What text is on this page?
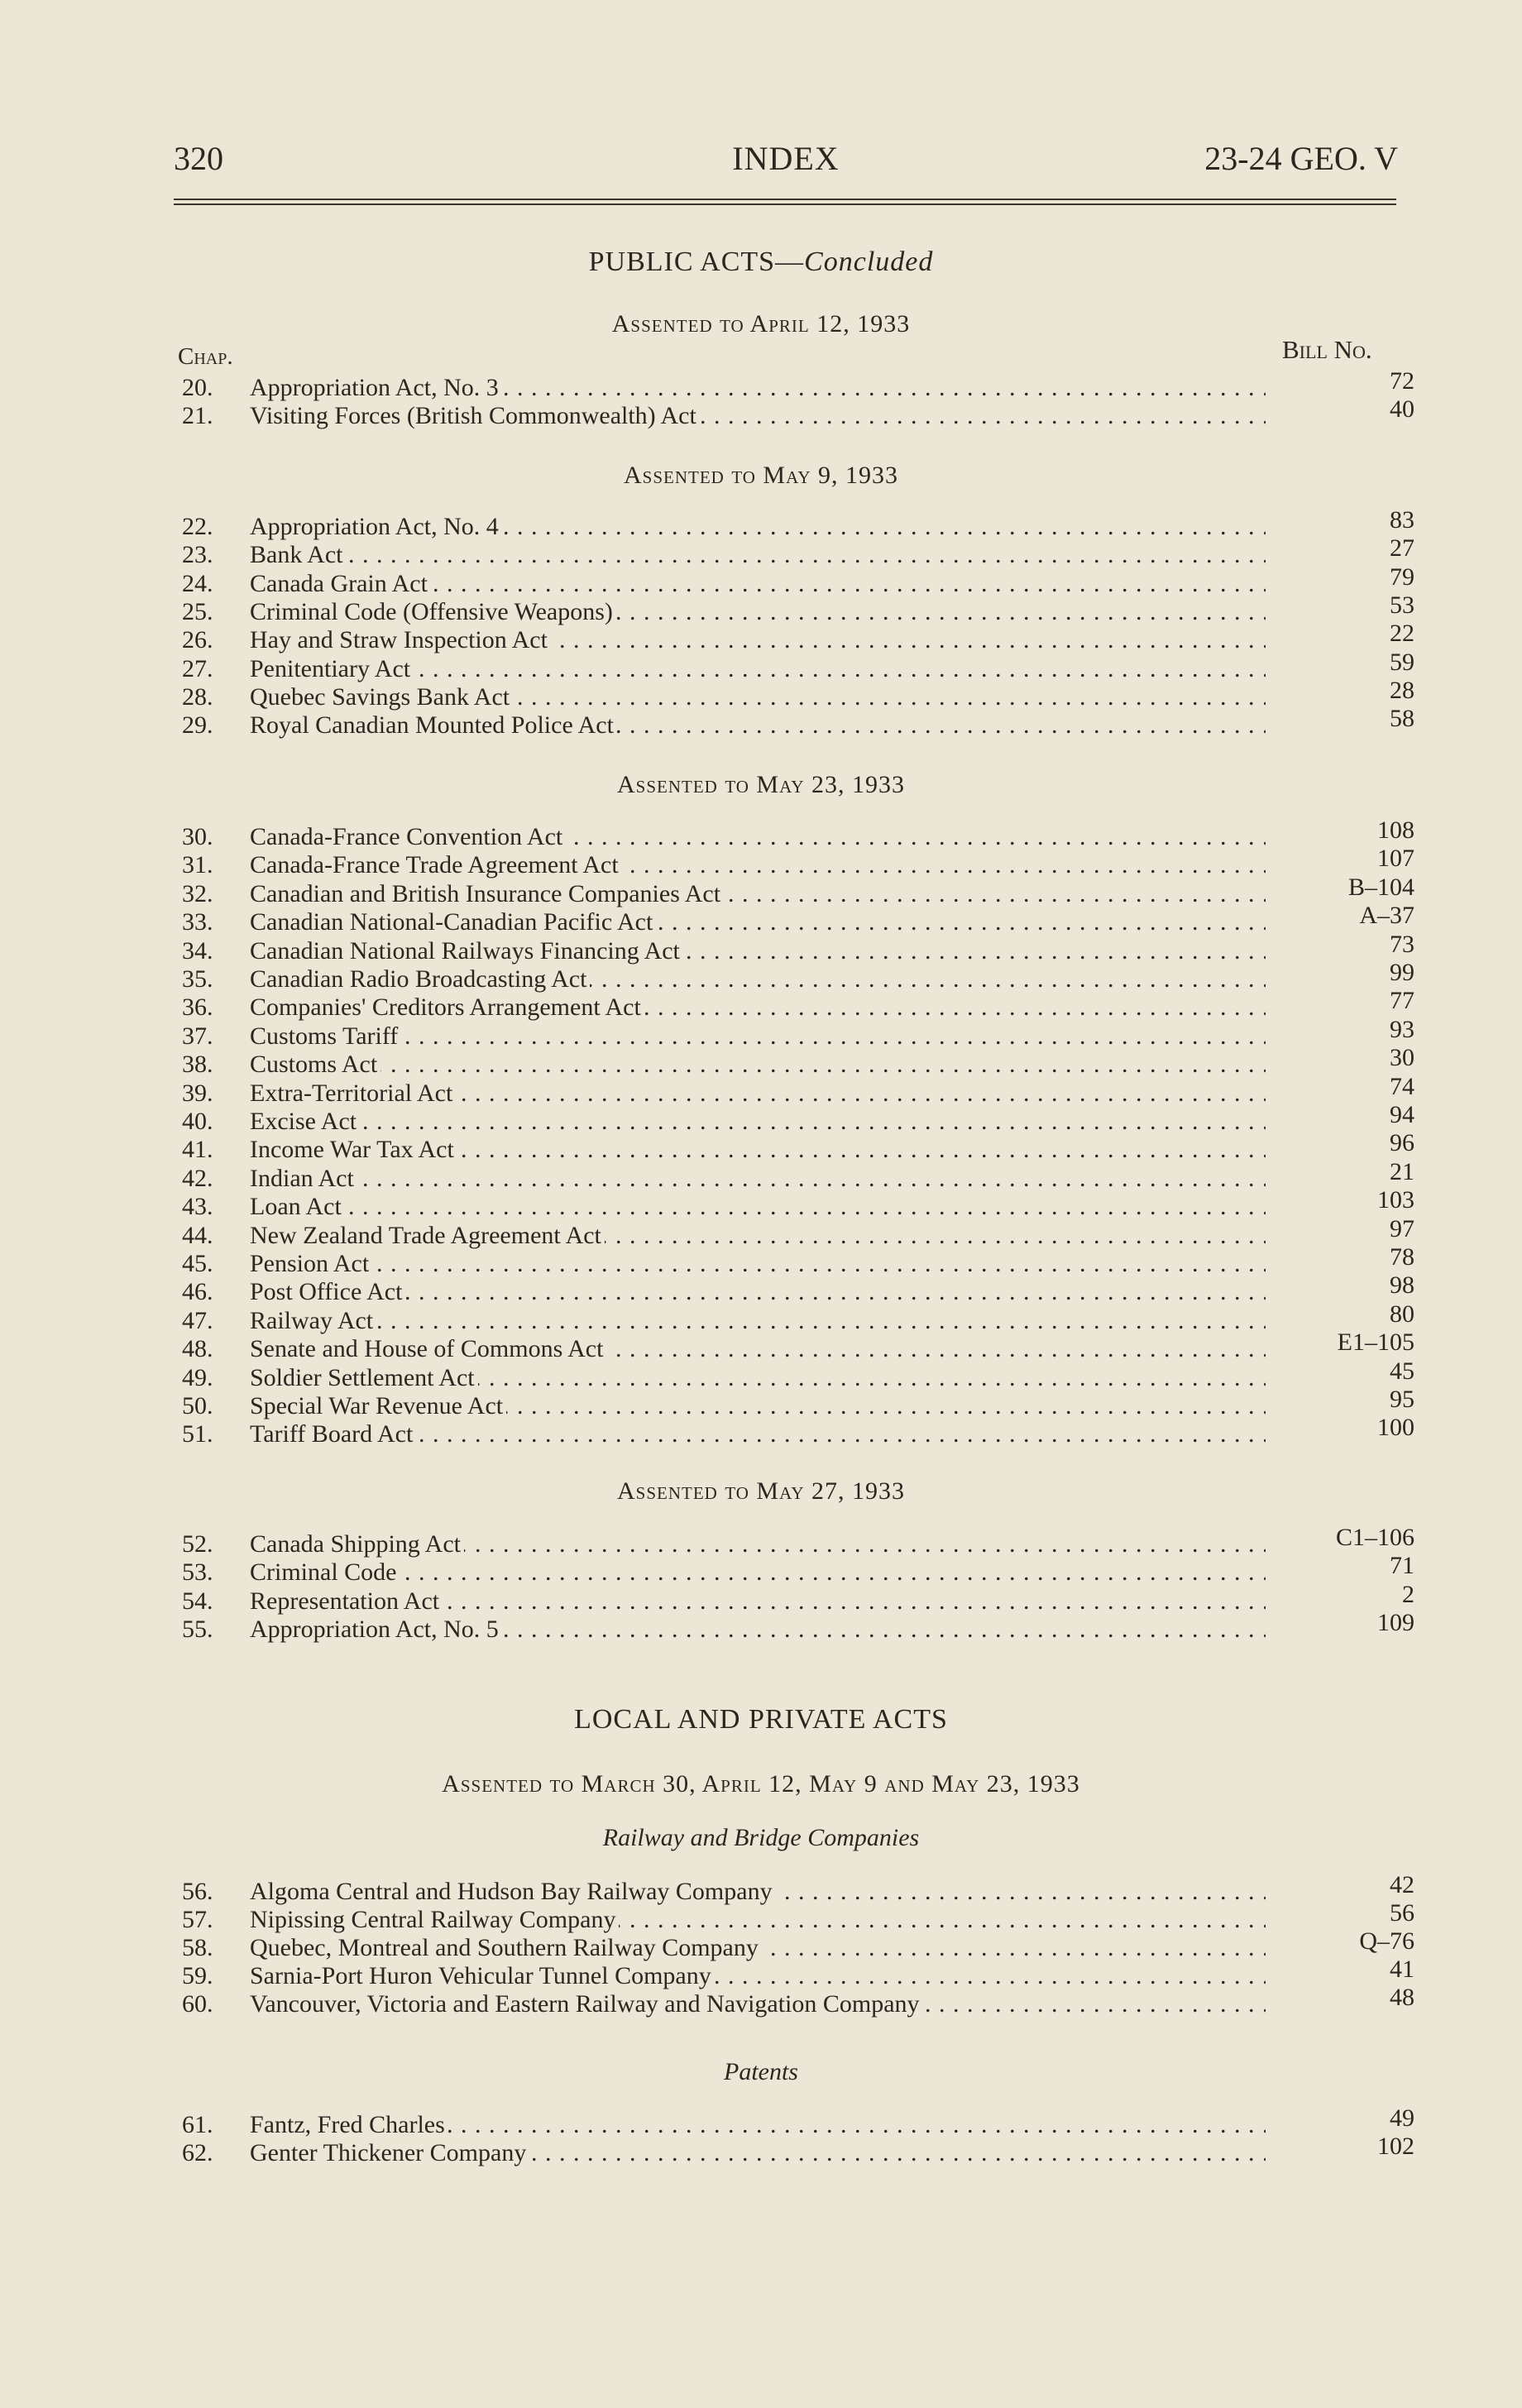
320	INDEX	23-24 GEO. V
PUBLIC ACTS—Concluded
Chap.	Bill No.
Assented to April 12, 1933
20.	Appropriation Act, No. 3 . . .	72
21.	Visiting Forces (British Commonwealth) Act . . .	40
Assented to May 9, 1933
22.	Appropriation Act, No. 4 . . .	83
23.	Bank Act . . .	27
24.	Canada Grain Act . . .	79
25.	Criminal Code (Offensive Weapons) . . .	53
26.	Hay and Straw Inspection Act . . .	22
27.	Penitentiary Act . . .	59
28.	Quebec Savings Bank Act . . .	28
29.	Royal Canadian Mounted Police Act . . .	58
Assented to May 23, 1933
30.	Canada-France Convention Act . . .	108
31.	Canada-France Trade Agreement Act . . .	107
32.	Canadian and British Insurance Companies Act . . .	B–104
33.	Canadian National-Canadian Pacific Act . . .	A–37
34.	Canadian National Railways Financing Act . . .	73
35.	Canadian Radio Broadcasting Act . . .	99
36.	Companies' Creditors Arrangement Act . . .	77
37.	Customs Tariff . . .	93
38.	Customs Act . . .	30
39.	Extra-Territorial Act . . .	74
40.	Excise Act . . .	94
41.	Income War Tax Act . . .	96
42.	Indian Act . . .	21
43.	Loan Act . . .	103
44.	New Zealand Trade Agreement Act . . .	97
45.	Pension Act . . .	78
46.	Post Office Act . . .	98
47.	Railway Act . . .	80
48.	Senate and House of Commons Act . . .	E1–105
49.	Soldier Settlement Act . . .	45
50.	Special War Revenue Act . . .	95
51.	Tariff Board Act . . .	100
Assented to May 27, 1933
52.	Canada Shipping Act . . .	C1–106
53.	Criminal Code . . .	71
54.	Representation Act . . .	2
55.	Appropriation Act, No. 5 . . .	109
Railway and Bridge Companies
56.	Algoma Central and Hudson Bay Railway Company . . .	42
57.	Nipissing Central Railway Company . . .	56
58.	Quebec, Montreal and Southern Railway Company . . .	Q–76
59.	Sarnia-Port Huron Vehicular Tunnel Company . . .	41
60.	Vancouver, Victoria and Eastern Railway and Navigation Company . . .	48
Patents
61.	Fantz, Fred Charles . . .	49
62.	Genter Thickener Company . . .	102
LOCAL AND PRIVATE ACTS
Assented to March 30, April 12, May 9 and May 23, 1933
